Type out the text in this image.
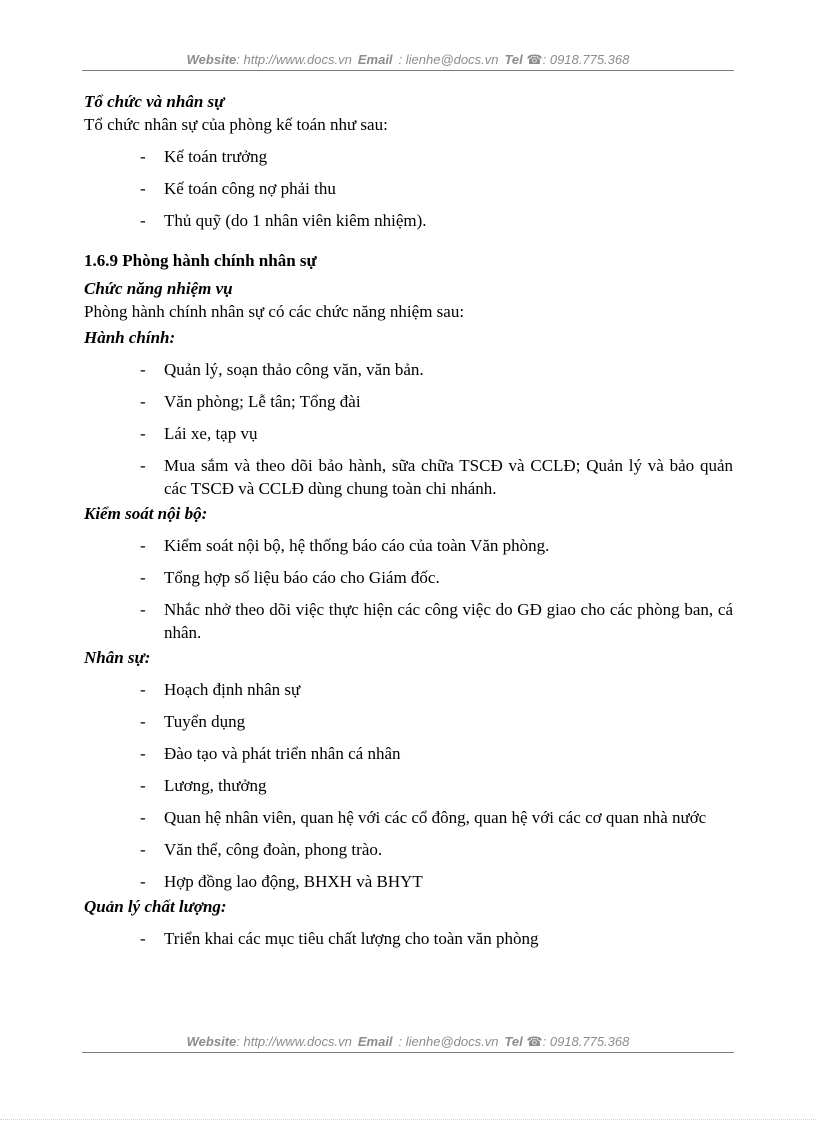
Website: http://www.docs.vn Email : lienhe@docs.vn Tel ☎: 0918.775.368

Tổ chức và nhân sự

Tổ chức nhân sự của phòng kế toán như sau:

- Kế toán trưởng
- Kế toán công nợ phải thu
- Thủ quỹ (do 1 nhân viên kiêm nhiệm).

1.6.9 Phòng hành chính nhân sự

Chức năng nhiệm vụ

Phòng hành chính nhân sự có các chức năng nhiệm sau:

Hành chính:

- Quản lý, soạn thảo công văn, văn bản.
- Văn phòng; Lễ tân; Tổng đài
- Lái xe, tạp vụ
- Mua sắm và theo dõi bảo hành, sữa chữa TSCĐ và CCLĐ; Quản lý và bảo quản các TSCĐ và CCLĐ dùng chung toàn chi nhánh.

Kiểm soát nội bộ:

- Kiểm soát nội bộ, hệ thống báo cáo của toàn Văn phòng.
- Tổng hợp số liệu báo cáo cho Giám đốc.
- Nhắc nhở theo dõi việc thực hiện các công việc do GĐ giao cho các phòng ban, cá nhân.

Nhân sự:

- Hoạch định nhân sự
- Tuyển dụng
- Đào tạo và phát triển nhân cá nhân
- Lương, thưởng
- Quan hệ nhân viên, quan hệ với các cổ đông, quan hệ với các cơ quan nhà nước
- Văn thể, công đoàn, phong trào.
- Hợp đồng lao động, BHXH và BHYT

Quản lý chất lượng:

- Triển khai các mục tiêu chất lượng cho toàn văn phòng
Website: http://www.docs.vn Email : lienhe@docs.vn Tel ☎: 0918.775.368
